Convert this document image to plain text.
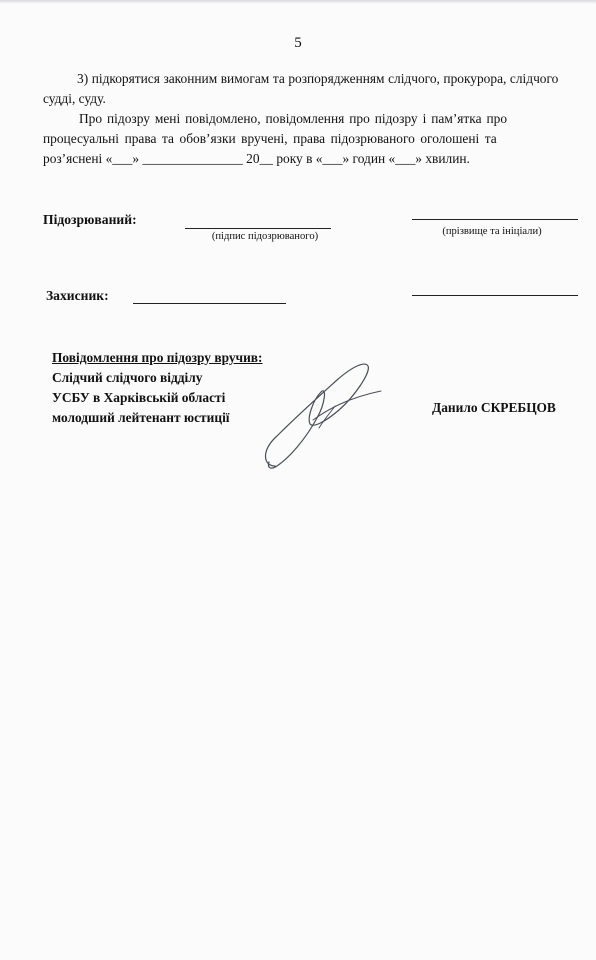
5

3) підкорятися законним вимогам та розпорядженням слідчого, прокурора, слідчого
судді, суду.

Про підозру мені повідомлено, повідомлення про підозру і пам’ятка про
процесуальні права та обов’язки вручені, права підозрюваного оголошені та
роз’яснені «___» _______________ 20__ року в «___» годин «___» хвилин.

Підозрюваний:
(підпис підозрюваного)	(прізвище та ініціали)
Захисник:
Повідомлення про підозру вручив:
Слідчий слідчого відділу
УСБУ в Харківській області
молодший лейтенант юстиції
Данило СКРЕБЦОВ
